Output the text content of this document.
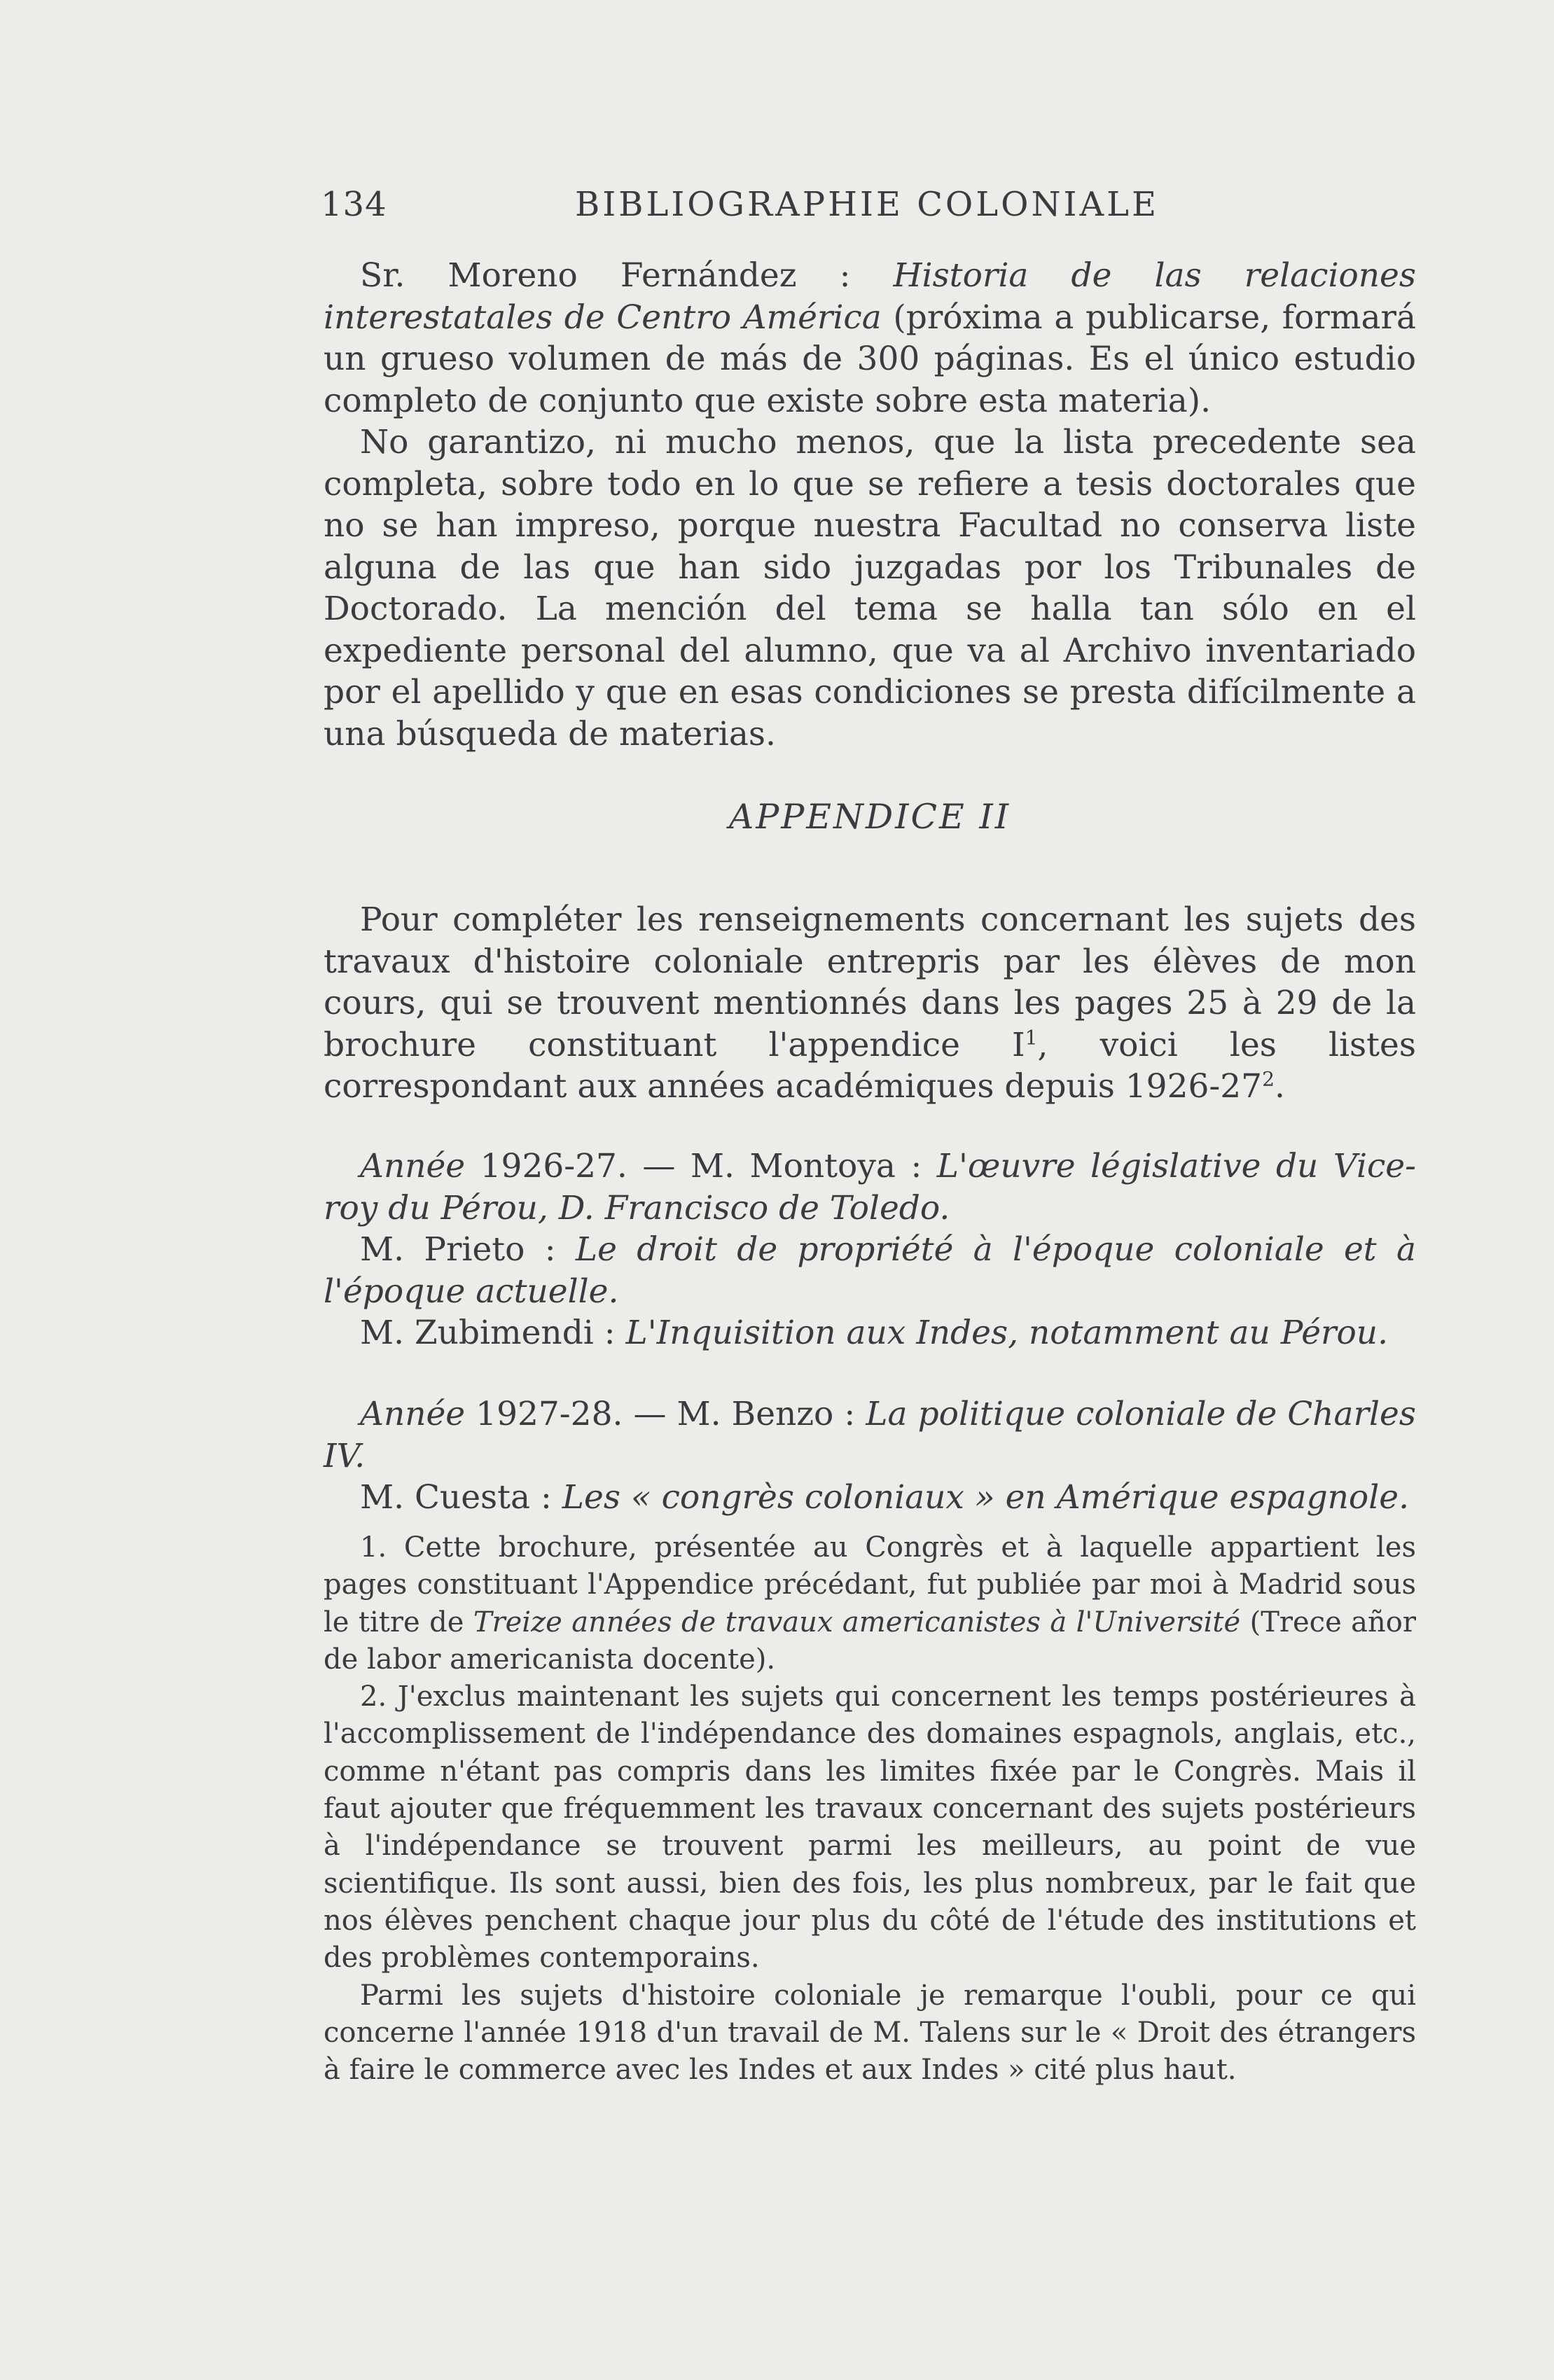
134	BIBLIOGRAPHIE COLONIALE

Sr. Moreno Fernández : Historia de las relaciones interestatales de Centro América (próxima a publicarse, formará un grueso volumen de más de 300 páginas. Es el único estudio completo de conjunto que existe sobre esta materia).

No garantizo, ni mucho menos, que la lista precedente sea completa, sobre todo en lo que se refiere a tesis doctorales que no se han impreso, porque nuestra Facultad no conserva liste alguna de las que han sido juzgadas por los Tribunales de Doctorado. La mención del tema se halla tan sólo en el expediente personal del alumno, que va al Archivo inventariado por el apellido y que en esas condiciones se presta difícilmente a una búsqueda de materias.

APPENDICE II

Pour compléter les renseignements concernant les sujets des travaux d'histoire coloniale entrepris par les élèves de mon cours, qui se trouvent mentionnés dans les pages 25 à 29 de la brochure constituant l'appendice $I^1$, voici les listes correspondant aux années académiques depuis $1926-27^2$.

Année 1926-27. — M. Montoya : L'œuvre législative du Vice-roy du Pérou, D. Francisco de Toledo.

M. Prieto : Le droit de propriété à l'époque coloniale et à l'époque actuelle.

M. Zubimendi : L'Inquisition aux Indes, notamment au Pérou.

Année 1927-28. — M. Benzo : La politique coloniale de Charles IV.

M. Cuesta : Les « congrès coloniaux » en Amérique espagnole.

1. Cette brochure, présentée au Congrès et à laquelle appartient les pages constituant l'Appendice précédant, fut publiée par moi à Madrid sous le titre de Treize années de travaux americanistes à l'Université (Trece añor de labor americanista docente).

2. J'exclus maintenant les sujets qui concernent les temps postérieures à l'accomplissement de l'indépendance des domaines espagnols, anglais, etc., comme n'étant pas compris dans les limites fixée par le Congrès. Mais il faut ajouter que fréquemment les travaux concernant des sujets postérieurs à l'indépendance se trouvent parmi les meilleurs, au point de vue scientifique. Ils sont aussi, bien des fois, les plus nombreux, par le fait que nos élèves penchent chaque jour plus du côté de l'étude des institutions et des problèmes contemporains.

Parmi les sujets d'histoire coloniale je remarque l'oubli, pour ce qui concerne l'année 1918 d'un travail de M. Talens sur le « Droit des étrangers à faire le commerce avec les Indes et aux Indes » cité plus haut.
